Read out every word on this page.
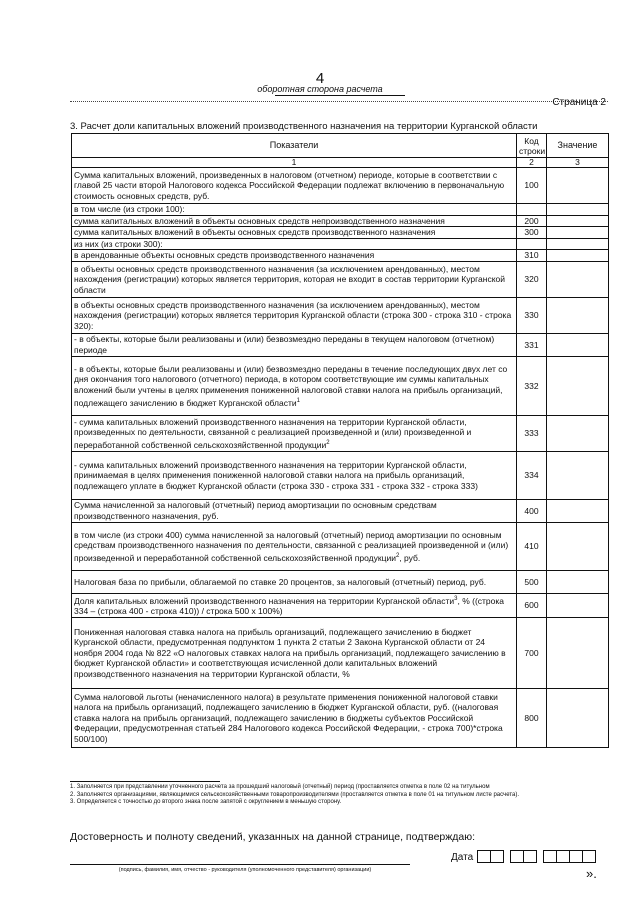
4
оборотная сторона расчета
Страница 2
3. Расчет доли капитальных вложений производственного назначения на территории Курганской области
Показатели	Код строки	Значение
1	2	3
Сумма капитальных вложений, произведенных в налоговом (отчетном) периоде, которые в соответствии с главой 25 части второй Налогового кодекса Российской Федерации подлежат включению в первоначальную стоимость основных средств, руб.	100	
в том числе (из строки 100):		
сумма капитальных вложений в объекты основных средств непроизводственного назначения	200	
сумма капитальных вложений в объекты основных средств производственного назначения	300	
из них (из строки 300):		
в арендованные объекты основных средств производственного назначения	310	
в объекты основных средств производственного назначения (за исключением арендованных), местом нахождения (регистрации) которых является территория, которая не входит в состав территории Курганской области	320	
в объекты основных средств производственного назначения (за исключением арендованных), местом нахождения (регистрации) которых является территория Курганской области (строка 300 - строка 310 - строка 320):	330	
- в объекты, которые были реализованы и (или) безвозмездно переданы в текущем налоговом (отчетном) периоде	331	
- в объекты, которые были реализованы и (или) безвозмездно переданы в течение последующих двух лет со дня окончания того налогового (отчетного) периода, в котором соответствующие им суммы капитальных вложений были учтены в целях применения пониженной налоговой ставки налога на прибыль организаций, подлежащего зачислению в бюджет Курганской области$^1$	332	
- сумма капитальных вложений производственного назначения на территории Курганской области, произведенных по деятельности, связанной с реализацией произведенной и (или) произведенной и переработанной собственной сельскохозяйственной продукции$^2$	333	
- сумма капитальных вложений производственного назначения на территории Курганской области, принимаемая в целях применения пониженной налоговой ставки налога на прибыль организаций, подлежащего уплате в бюджет Курганской области (строка 330 - строка 331 - строка 332 - строка 333)	334	
Сумма начисленной за налоговый (отчетный) период амортизации по основным средствам производственного назначения, руб.	400	
в том числе (из строки 400) сумма начисленной за налоговый (отчетный) период амортизации по основным средствам производственного назначения по деятельности, связанной с реализацией произведенной и (или) произведенной и переработанной собственной сельскохозяйственной продукции$^2$, руб.	410	
Налоговая база по прибыли, облагаемой по ставке 20 процентов, за налоговый (отчетный) период, руб.	500	
Доля капитальных вложений производственного назначения на территории Курганской области$^3$, % ((строка 334 – (строка 400 - строка 410)) / строка 500 х 100%)	600	
Пониженная налоговая ставка налога на прибыль организаций, подлежащего зачислению в бюджет Курганской области, предусмотренная подпунктом 1 пункта 2 статьи 2 Закона Курганской области от 24 ноября 2004 года № 822 «О налоговых ставках налога на прибыль организаций, подлежащего зачислению в бюджет Курганской области» и соответствующая исчисленной доли капитальных вложений производственного назначения на территории Курганской области, %	700	
Сумма налоговой льготы (неначисленного налога) в результате применения пониженной налоговой ставки налога на прибыль организаций, подлежащего зачислению в бюджет Курганской области, руб. ((налоговая ставка налога на прибыль организаций, подлежащего зачислению в бюджеты субъектов Российской Федерации, предусмотренная статьей 284 Налогового кодекса Российской Федерации, - строка 700)*строка 500/100)	800	
1. Заполняется при представлении уточненного расчета за прошедший налоговый (отчетный) период (проставляется отметка в поле 02 на титульном
2. Заполняется организациями, являющимися сельскохозяйственными товаропроизводителями (проставляется отметка в поле 01 на титульном листе расчета).
3. Определяется с точностью до второго знака после запятой с округлением в меньшую сторону.
Достоверность и полноту сведений, указанных на данной странице, подтверждаю:
Дата
(подпись, фамилия, имя, отчество - руководителя (уполномоченного представителя) организации)	».
